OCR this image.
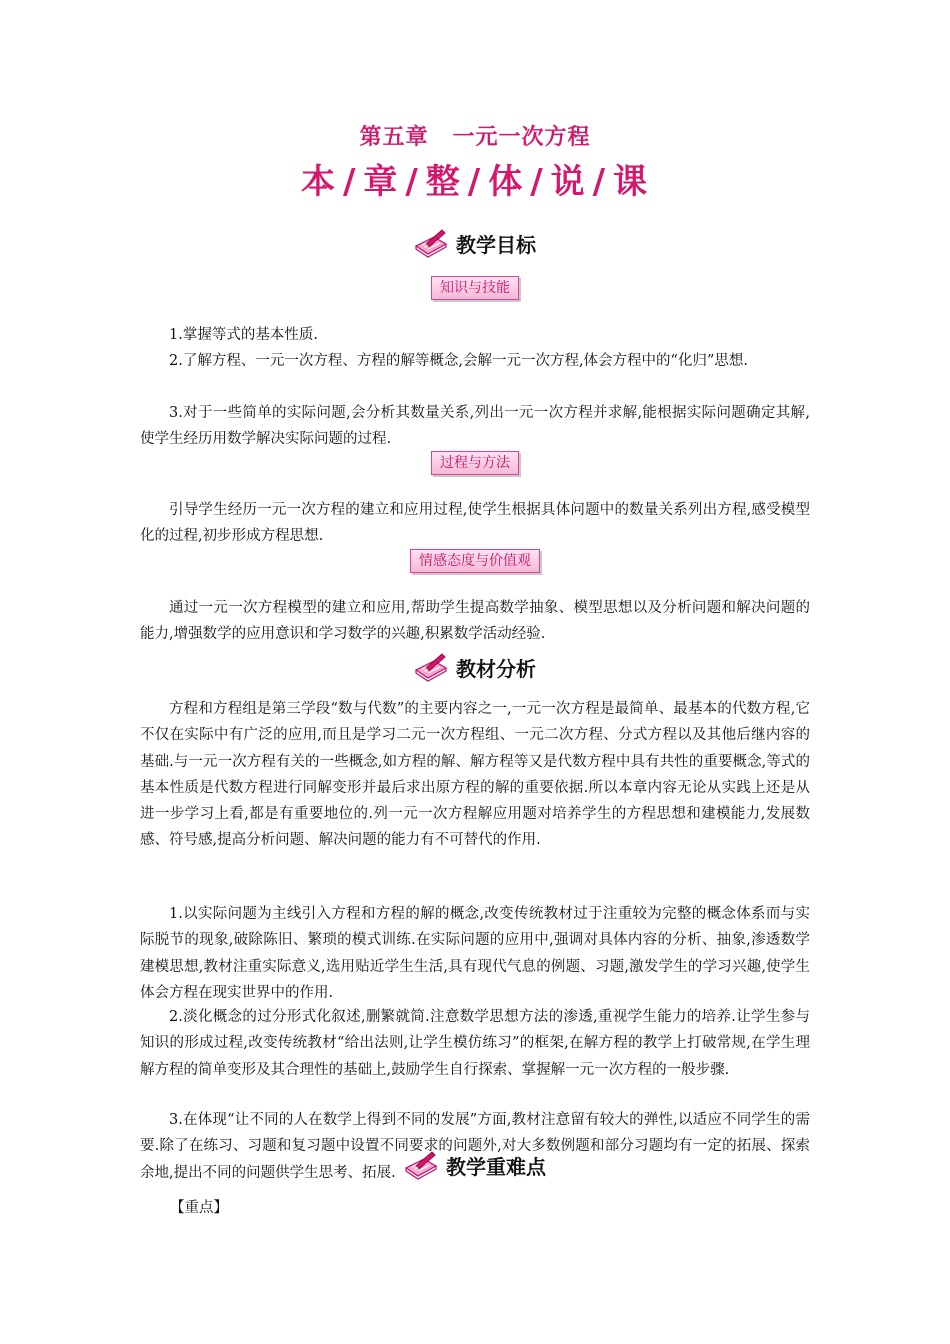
第五章 一元一次方程
本 / 章 / 整 / 体 / 说 / 课
教学目标
知识与技能

1.掌握等式的基本性质.

2.了解方程、一元一次方程、方程的解等概念,会解一元一次方程,体会方程中的“化归”思想.

3.对于一些简单的实际问题,会分析其数量关系,列出一元一次方程并求解,能根据实际问题确定其解,使学生经历用数学解决实际问题的过程.

过程与方法

引导学生经历一元一次方程的建立和应用过程,使学生根据具体问题中的数量关系列出方程,感受模型化的过程,初步形成方程思想.

情感态度与价值观

通过一元一次方程模型的建立和应用,帮助学生提高数学抽象、模型思想以及分析问题和解决问题的能力,增强数学的应用意识和学习数学的兴趣,积累数学活动经验.

教材分析

方程和方程组是第三学段“数与代数”的主要内容之一,一元一次方程是最简单、最基本的代数方程,它不仅在实际中有广泛的应用,而且是学习二元一次方程组、一元二次方程、分式方程以及其他后继内容的基础.与一元一次方程有关的一些概念,如方程的解、解方程等又是代数方程中具有共性的重要概念,等式的基本性质是代数方程进行同解变形并最后求出原方程的解的重要依据.所以本章内容无论从实践上还是从进一步学习上看,都是有重要地位的.列一元一次方程解应用题对培养学生的方程思想和建模能力,发展数感、符号感,提高分析问题、解决问题的能力有不可替代的作用.

1.以实际问题为主线引入方程和方程的解的概念,改变传统教材过于注重较为完整的概念体系而与实际脱节的现象,破除陈旧、繁琐的模式训练.在实际问题的应用中,强调对具体内容的分析、抽象,渗透数学建模思想,教材注重实际意义,选用贴近学生生活,具有现代气息的例题、习题,激发学生的学习兴趣,使学生体会方程在现实世界中的作用.

2.淡化概念的过分形式化叙述,删繁就简.注意数学思想方法的渗透,重视学生能力的培养.让学生参与知识的形成过程,改变传统教材“给出法则,让学生模仿练习”的框架,在解方程的教学上打破常规,在学生理解方程的简单变形及其合理性的基础上,鼓励学生自行探索、掌握解一元一次方程的一般步骤.

3.在体现“让不同的人在数学上得到不同的发展”方面,教材注意留有较大的弹性,以适应不同学生的需要.除了在练习、习题和复习题中设置不同要求的问题外,对大多数例题和部分习题均有一定的拓展、探索余地,提出不同的问题供学生思考、拓展.	教学重难点
【重点】
